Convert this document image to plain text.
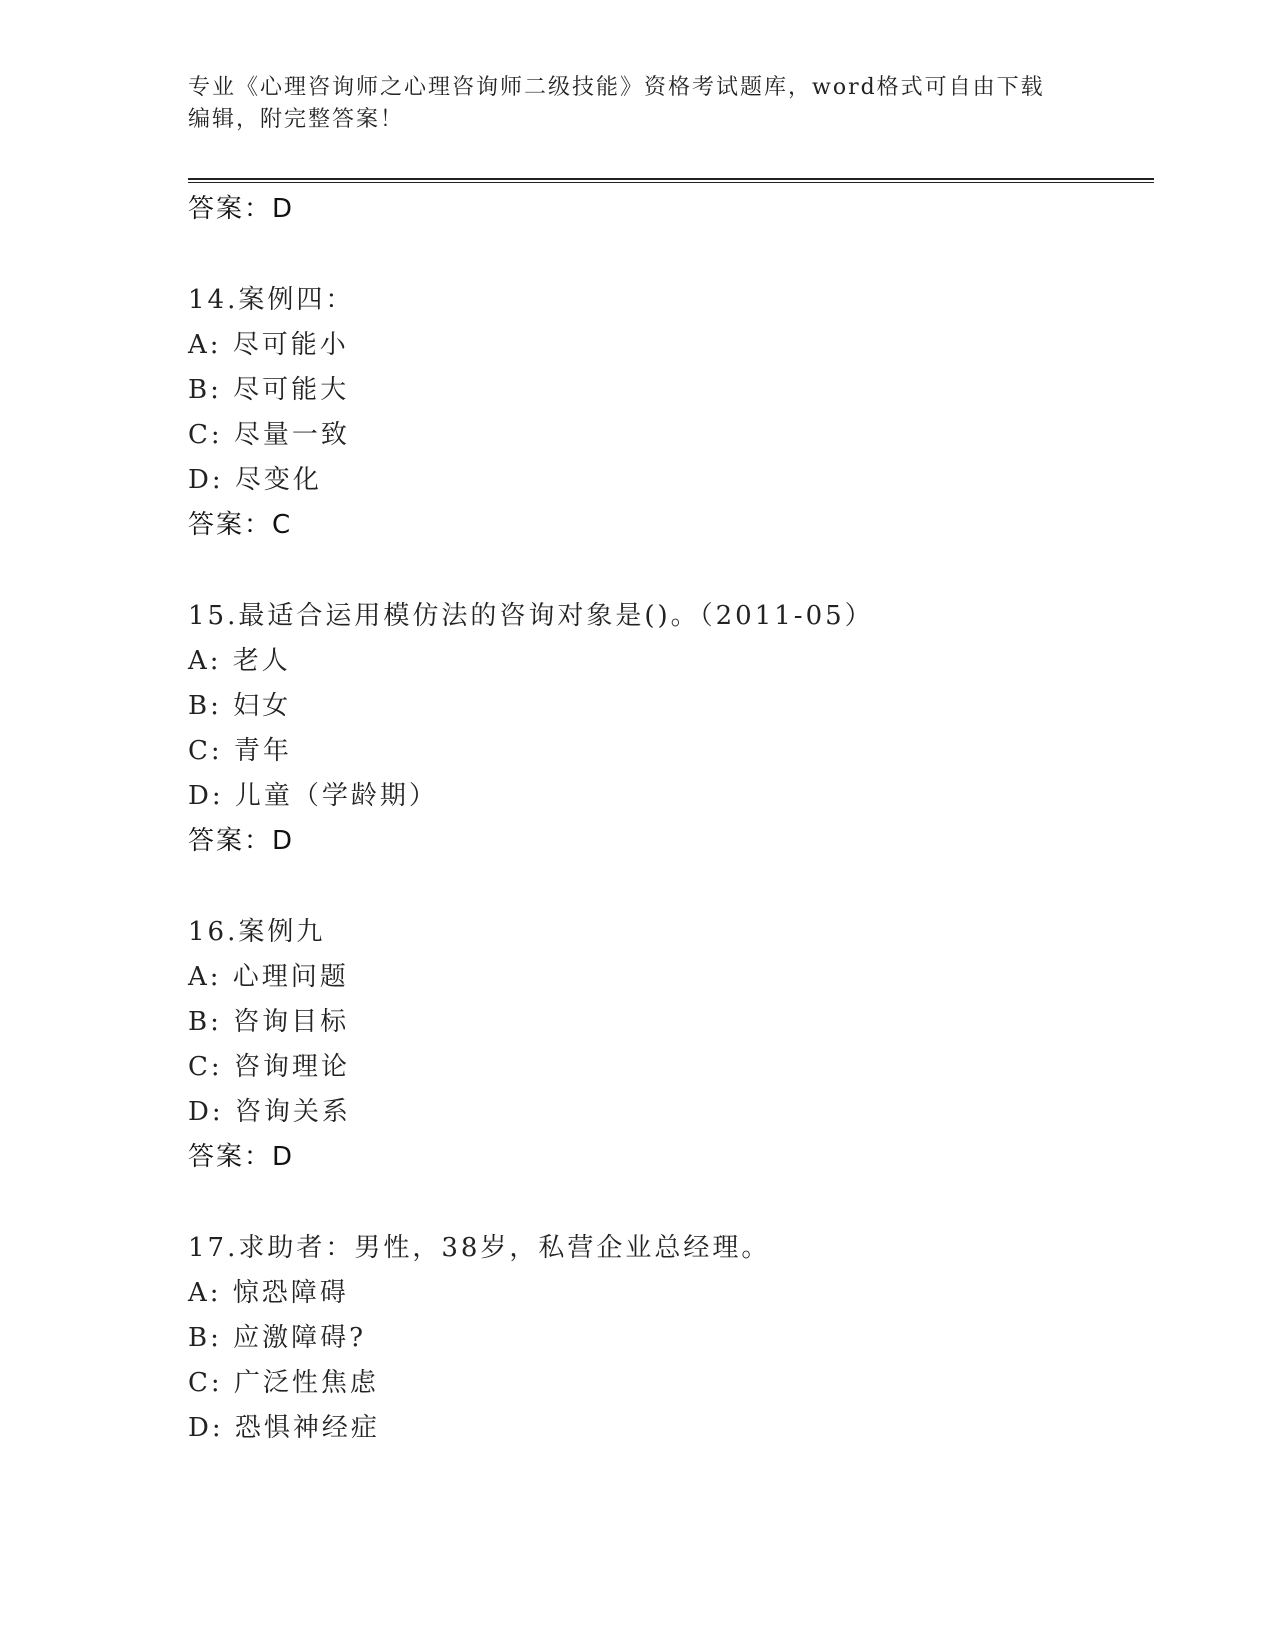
专业《心理咨询师之心理咨询师二级技能》资格考试题库，word格式可自由下载
编辑，附完整答案！
答案：D
14.案例四：
A: 尽可能小
B: 尽可能大
C: 尽量一致
D: 尽变化
答案：C
15.最适合运用模仿法的咨询对象是()。（2011-05）
A: 老人
B: 妇女
C: 青年
D: 儿童（学龄期）
答案：D
16.案例九
A: 心理问题
B: 咨询目标
C: 咨询理论
D: 咨询关系
答案：D
17.求助者：男性，38岁，私营企业总经理。
A: 惊恐障碍
B: 应激障碍?
C: 广泛性焦虑
D: 恐惧神经症
